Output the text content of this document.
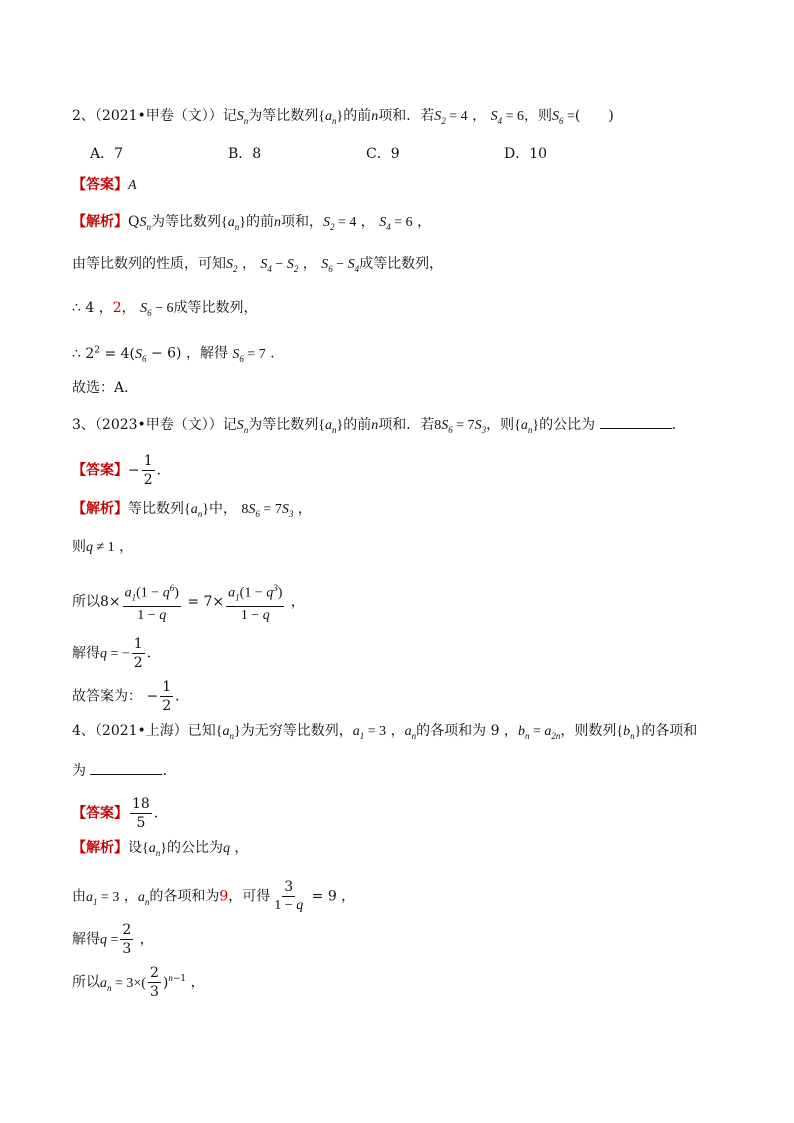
2、（2021•甲卷（文））记$S_n$为等比数列$\{a_n\}$的前n项和．若$S_2 = 4$ ， $S_4 = 6$，则$S_6$ =( )
A．7	B．8	C．9	D．10
【答案】A
【解析】$QS_n$为等比数列$\{a_n\}$的前n项和，$S_2 = 4$ ， $S_4 = 6$ ，
由等比数列的性质，可知$S_2$ ， $S_4 - S_2$ ， $S_6 - S_4$成等比数列，
∴ 4 ，2， $S_6 - 6$成等比数列，
∴ $2^2 = 4(S_6 - 6)$ ，解得 $S_6 = 7$ ．
故选：A．
3、（2023•甲卷（文））记$S_n$为等比数列$\{a_n\}$的前n项和．若$8S_6 = 7S_3$，则$\{a_n\}$的公比为	．
【答案】− $\frac{1}{2}$ ．
【解析】等比数列$\{a_n\}$中， $8S_6 = 7S_3$ ，
则q ≠ 1 ，
所以$8\times \frac{a_1(1 - q^6)}{1 - q} = 7\times \frac{a_1(1 - q^3)}{1 - q}$ ，
解得q = − $\frac{1}{2}$ ．
故答案为： − $\frac{1}{2}$ ．
4、（2021•上海）已知$\{a_n\}$为无穷等比数列，$a_1 = 3$ ，$a_n$的各项和为 9 ，$b_n = a_{2n}$，则数列$\{b_n\}$的各项和
为	．
【答案】 $\frac{18}{5}$ ．
【解析】设$\{a_n\}$的公比为q ，
由$a_1 = 3$ ，$a_n$的各项和为9，可得 $\frac{3}{1 - q} = 9$ ，
解得$q = \frac{2}{3}$ ，
所以$a_n = 3\times( \frac{2}{3} )^{n-1}$ ，
